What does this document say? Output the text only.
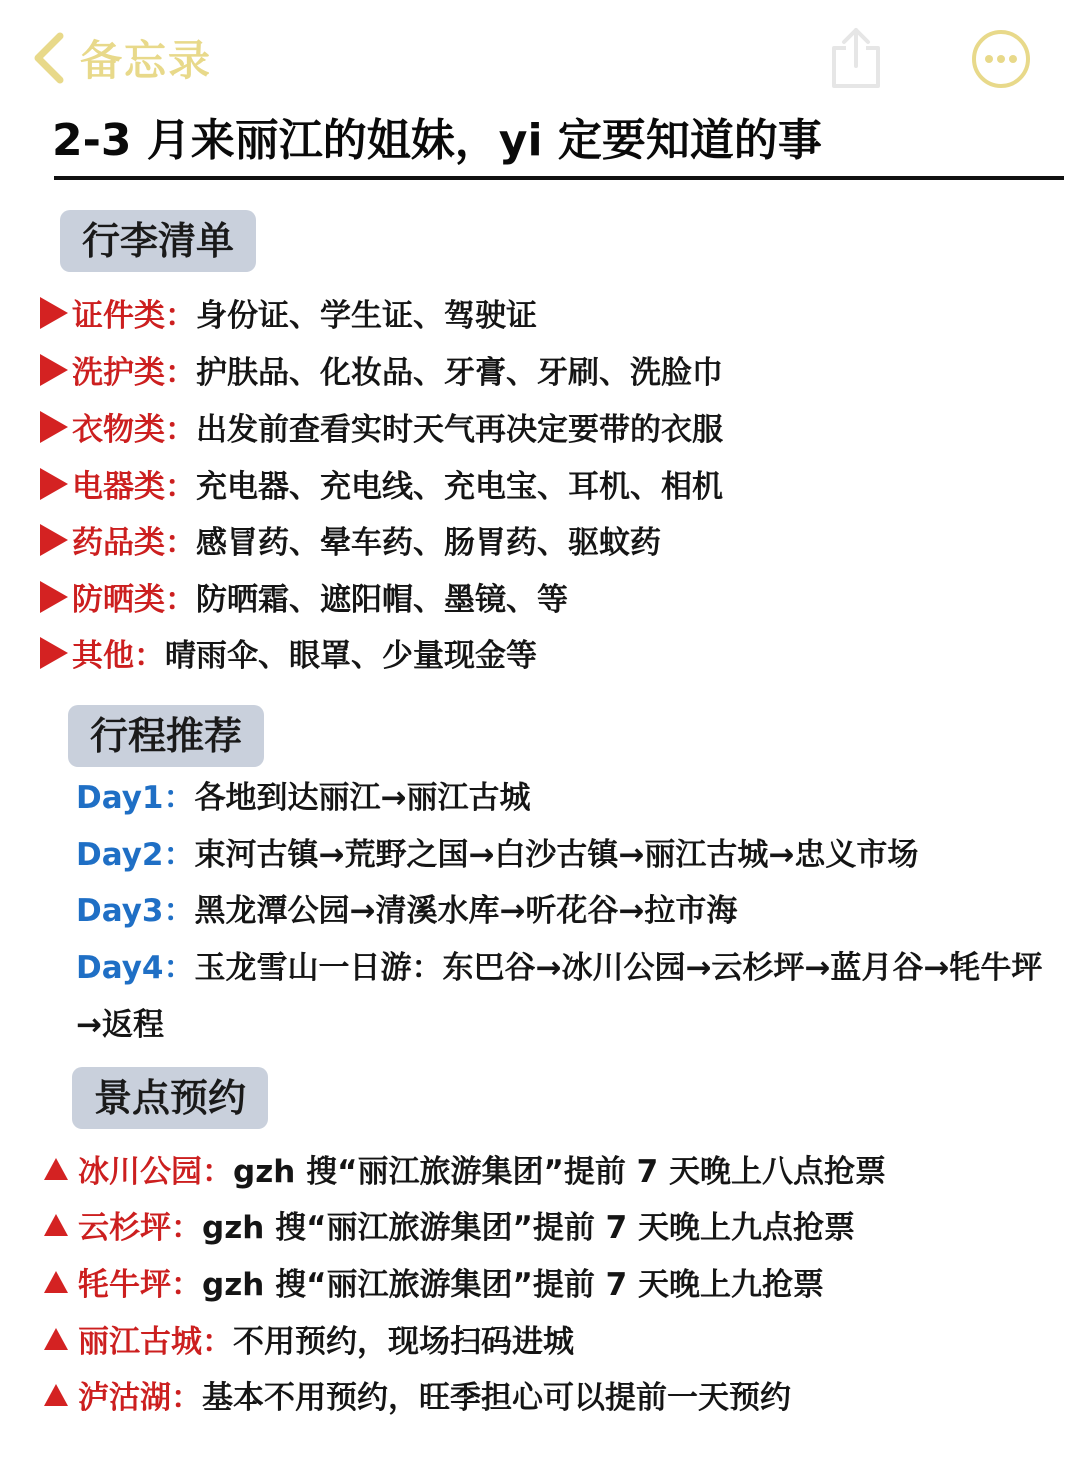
备忘录
2-3 月来丽江的姐妹，yi 定要知道的事
行李清单
证件类： 身份证、学生证、驾驶证
洗护类： 护肤品、化妆品、牙膏、牙刷、洗脸巾
衣物类： 出发前查看实时天气再决定要带的衣服
电器类： 充电器、充电线、充电宝、耳机、相机
药品类： 感冒药、晕车药、肠胃药、驱蚊药
防晒类： 防晒霜、遮阳帽、墨镜、等
其他： 晴雨伞、眼罩、少量现金等
行程推荐
Day1：各地到达丽江→丽江古城
Day2：束河古镇→荒野之国→白沙古镇→丽江古城→忠义市场
Day3：黑龙潭公园→清溪水库→听花谷→拉市海
Day4：玉龙雪山一日游：东巴谷→冰川公园→云杉坪→蓝月谷→牦牛坪→返程
景点预约
冰川公园： gzh 搜“丽江旅游集团”提前 7 天晚上八点抢票
云杉坪： gzh 搜“丽江旅游集团”提前 7 天晚上九点抢票
牦牛坪： gzh 搜“丽江旅游集团”提前 7 天晚上九抢票
丽江古城： 不用预约，现场扫码进城
泸沽湖： 基本不用预约，旺季担心可以提前一天预约
